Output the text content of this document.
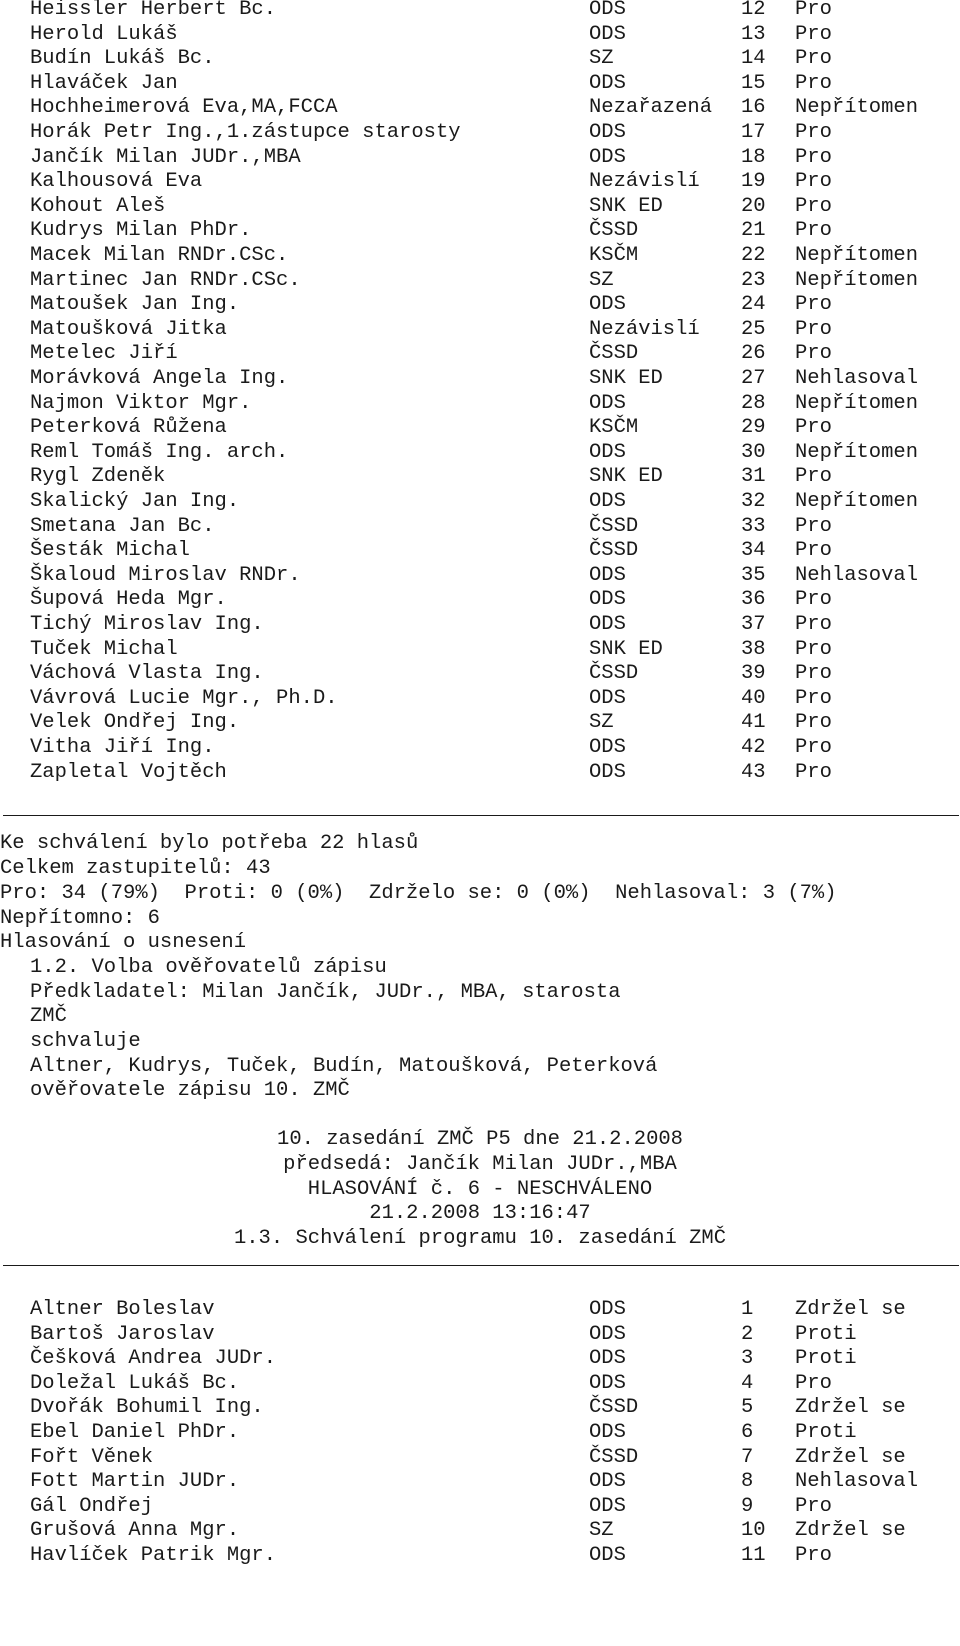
Heissler Herbert Bc.	ODS	12 Pro
Herold Lukáš	ODS	13 Pro
Budín Lukáš Bc.	SZ	14 Pro
Hlaváček Jan	ODS	15 Pro
Hochheimerová Eva,MA,FCCA	Nezařazená 16 Nepřítomen
Horák Petr Ing.,1.zástupce starosty	ODS	17 Pro
Jančík Milan JUDr.,MBA	ODS	18 Pro
Kalhousová Eva	Nezávislí 19 Pro
Kohout Aleš	SNK ED	20 Pro
Kudrys Milan PhDr.	ČSSD	21 Pro
Macek Milan RNDr.CSc.	KSČM	22 Nepřítomen
Martinec Jan RNDr.CSc.	SZ	23 Nepřítomen
Matoušek Jan Ing.	ODS	24 Pro
Matoušková Jitka	Nezávislí 25 Pro
Metelec Jiří	ČSSD	26 Pro
Morávková Angela Ing.	SNK ED	27 Nehlasoval
Najmon Viktor Mgr.	ODS	28 Nepřítomen
Peterková Růžena	KSČM	29 Pro
Reml Tomáš Ing. arch.	ODS	30 Nepřítomen
Rygl Zdeněk	SNK ED	31 Pro
Skalický Jan Ing.	ODS	32 Nepřítomen
Smetana Jan Bc.	ČSSD	33 Pro
Šesták Michal	ČSSD	34 Pro
Škaloud Miroslav RNDr.	ODS	35 Nehlasoval
Šupová Heda Mgr.	ODS	36 Pro
Tichý Miroslav Ing.	ODS	37 Pro
Tuček Michal	SNK ED	38 Pro
Váchová Vlasta Ing.	ČSSD	39 Pro
Vávrová Lucie Mgr., Ph.D.	ODS	40 Pro
Velek Ondřej Ing.	SZ	41 Pro
Vitha Jiří Ing.	ODS	42 Pro
Zapletal Vojtěch	ODS	43 Pro
Ke schválení bylo potřeba 22 hlasů
Celkem zastupitelů: 43
Pro: 34 (79%)  Proti: 0 (0%)  Zdrželo se: 0 (0%)  Nehlasoval: 3 (7%)
Nepřítomno: 6
Hlasování o usnesení
1.2. Volba ověřovatelů zápisu
Předkladatel: Milan Jančík, JUDr., MBA, starosta
ZMČ
schvaluje
Altner, Kudrys, Tuček, Budín, Matoušková, Peterková
ověřovatele zápisu 10. ZMČ
10. zasedání ZMČ P5 dne 21.2.2008
předsedá: Jančík Milan JUDr.,MBA
HLASOVÁNÍ č. 6 - NESCHVÁLENO
21.2.2008 13:16:47
1.3. Schválení programu 10. zasedání ZMČ
Altner Boleslav	ODS	1 Zdržel se
Bartoš Jaroslav	ODS	2 Proti
Češková Andrea JUDr.	ODS	3 Proti
Doležal Lukáš Bc.	ODS	4 Pro
Dvořák Bohumil Ing.	ČSSD	5 Zdržel se
Ebel Daniel PhDr.	ODS	6 Proti
Fořt Věnek	ČSSD	7 Zdržel se
Fott Martin JUDr.	ODS	8 Nehlasoval
Gál Ondřej	ODS	9 Pro
Grušová Anna Mgr.	SZ	10 Zdržel se
Havlíček Patrik Mgr.	ODS	11 Pro
